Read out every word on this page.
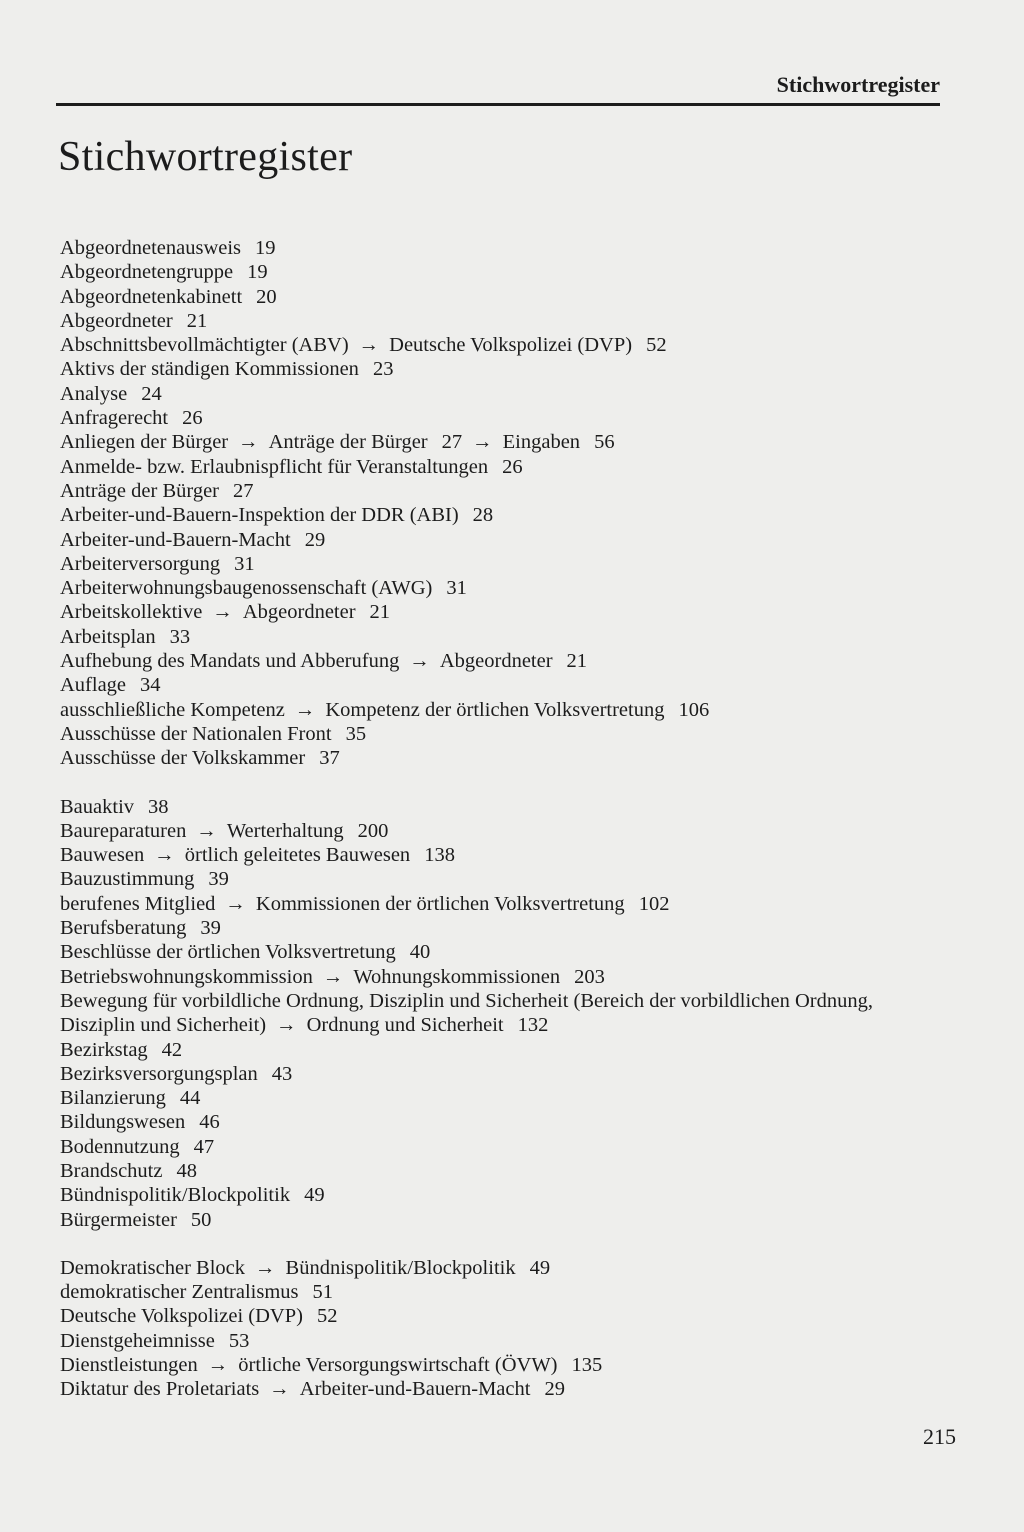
Stichwortregister
Stichwortregister
Abgeordnetenausweis 19
Abgeordnetengruppe 19
Abgeordnetenkabinett 20
Abgeordneter 21
Abschnittsbevollmächtigter (ABV) → Deutsche Volkspolizei (DVP) 52
Aktivs der ständigen Kommissionen 23
Analyse 24
Anfragerecht 26
Anliegen der Bürger → Anträge der Bürger 27 → Eingaben 56
Anmelde- bzw. Erlaubnispflicht für Veranstaltungen 26
Anträge der Bürger 27
Arbeiter-und-Bauern-Inspektion der DDR (ABI) 28
Arbeiter-und-Bauern-Macht 29
Arbeiterversorgung 31
Arbeiterwohnungsbaugenossenschaft (AWG) 31
Arbeitskollektive → Abgeordneter 21
Arbeitsplan 33
Aufhebung des Mandats und Abberufung → Abgeordneter 21
Auflage 34
ausschließliche Kompetenz → Kompetenz der örtlichen Volksvertretung 106
Ausschüsse der Nationalen Front 35
Ausschüsse der Volkskammer 37
Bauaktiv 38
Baureparaturen → Werterhaltung 200
Bauwesen → örtlich geleitetes Bauwesen 138
Bauzustimmung 39
berufenes Mitglied → Kommissionen der örtlichen Volksvertretung 102
Berufsberatung 39
Beschlüsse der örtlichen Volksvertretung 40
Betriebswohnungskommission → Wohnungskommissionen 203
Bewegung für vorbildliche Ordnung, Disziplin und Sicherheit (Bereich der vorbildlichen Ordnung, Disziplin und Sicherheit) → Ordnung und Sicherheit 132
Bezirkstag 42
Bezirksversorgungsplan 43
Bilanzierung 44
Bildungswesen 46
Bodennutzung 47
Brandschutz 48
Bündnispolitik/Blockpolitik 49
Bürgermeister 50
Demokratischer Block → Bündnispolitik/Blockpolitik 49
demokratischer Zentralismus 51
Deutsche Volkspolizei (DVP) 52
Dienstgeheimnisse 53
Dienstleistungen → örtliche Versorgungswirtschaft (ÖVW) 135
Diktatur des Proletariats → Arbeiter-und-Bauern-Macht 29
215
